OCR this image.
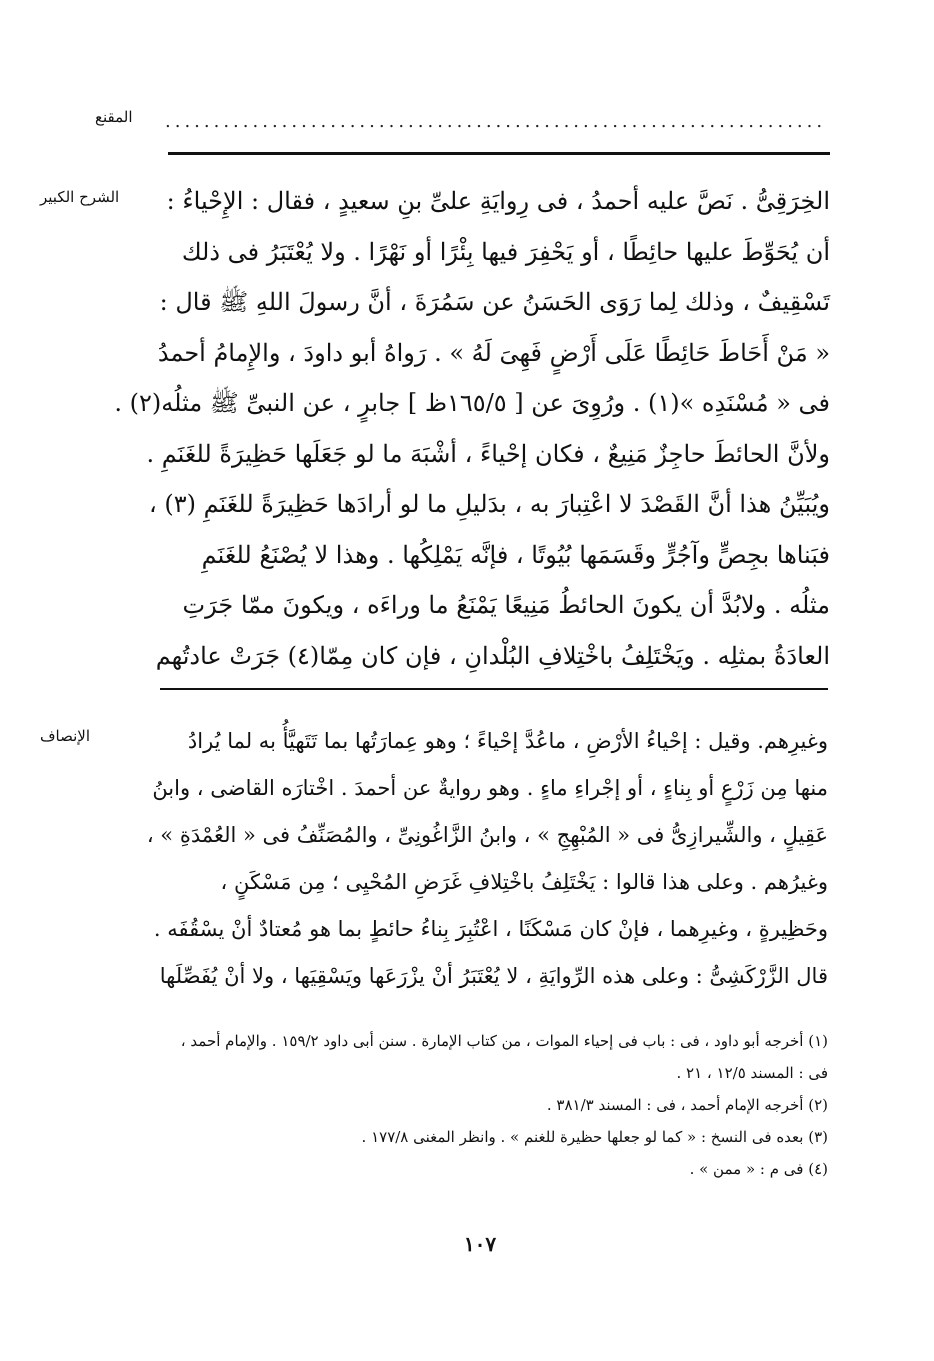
المقنع	....................................................................
الشرح الكبير	الخِرَقِىُّ . نَصَّ عليه أحمدُ ، فى رِوايَةِ علىِّ بنِ سعيدٍ ، فقال : الإِحْياءُ :
أن يُحَوِّطَ عليها حائِطًا ، أو يَحْفِرَ فيها بِئْرًا أو نَهْرًا . ولا يُعْتَبَرُ فى ذلك
تَسْقِيفٌ ، وذلك لِما رَوَى الحَسَنُ عن سَمُرَةَ ، أنَّ رسولَ اللهِ ﷺ قال :
« مَنْ أَحَاطَ حَائِطًا عَلَى أَرْضٍ فَهِىَ لَهُ » . رَواهُ أبو داودَ ، والإِمامُ أحمدُ
فى « مُسْنَدِه »(١) . ورُوِىَ عن [ ١٦٥/٥ظ ] جابرٍ ، عن النبىِّ ﷺ مثلُه(٢) .
ولأنَّ الحائطَ حاجِزٌ مَنِيعٌ ، فكان إحْياءً ، أشْبَهَ ما لو جَعَلَها حَظِيرَةً للغَنَمِ .
ويُبَيِّنُ هذا أنَّ القَصْدَ لا اعْتِبارَ به ، بدَليلِ ما لو أرادَها حَظِيرَةً للغَنَمِ (٣) ،
فبَناها بجِصٍّ وآجُرٍّ وقَسَمَها بُيُوتًا ، فإنَّه يَمْلِكُها . وهذا لا يُصْنَعُ للغَنَمِ
مثلُه . ولابُدَّ أن يكونَ الحائطُ مَنِيعًا يَمْنَعُ ما وراءَه ، ويكونَ ممّا جَرَتِ
العادَةُ بمثلِه . ويَخْتَلِفُ باخْتِلافِ البُلْدانِ ، فإن كان مِمّا(٤) جَرَتْ عادتُهم
الإنصاف	وغيرِهم. وقيل : إحْياءُ الأرْضِ ، ماعُدَّ إحْياءً ؛ وهو عِمارَتُها بما تَتَهيَّأُ به لما يُرادُ
منها مِن زَرْعٍ أو بِناءٍ ، أو إجْراءِ ماءٍ . وهو روايةٌ عن أحمدَ . اخْتارَه القاضى ، وابنُ
عَقِيلٍ ، والشِّيرازِىُّ فى « المُبْهِجِ » ، وابنُ الزَّاغُونِىِّ ، والمُصَنِّفُ فى « العُمْدَةِ » ،
وغيرُهم . وعلى هذا قالوا : يَخْتَلِفُ باخْتِلافِ غَرَضِ المُحْيِى ؛ مِن مَسْكَنٍ ،
وحَظِيرةٍ ، وغيرِهما ، فإنْ كان مَسْكَنًا ، اعْتُبِرَ بِناءُ حائطٍ بما هو مُعتادٌ أنْ يسْقُفَه .
قال الزَّرْكَشِىُّ : وعلى هذه الرِّوايَةِ ، لا يُعْتَبَرُ أنْ يزْرَعَها ويَسْقِيَها ، ولا أنْ يُفَصِّلَها
(١) أخرجه أبو داود ، فى : باب فى إحياء الموات ، من كتاب الإمارة . سنن أبى داود ١٥٩/٢ . والإمام أحمد ،
فى : المسند ١٢/٥ ، ٢١ .
(٢) أخرجه الإمام أحمد ، فى : المسند ٣٨١/٣ .
(٣) بعده فى النسخ : « كما لو جعلها حظيرة للغنم » . وانظر المغنى ١٧٧/٨ .
(٤) فى م : « ممن » .
١٠٧
